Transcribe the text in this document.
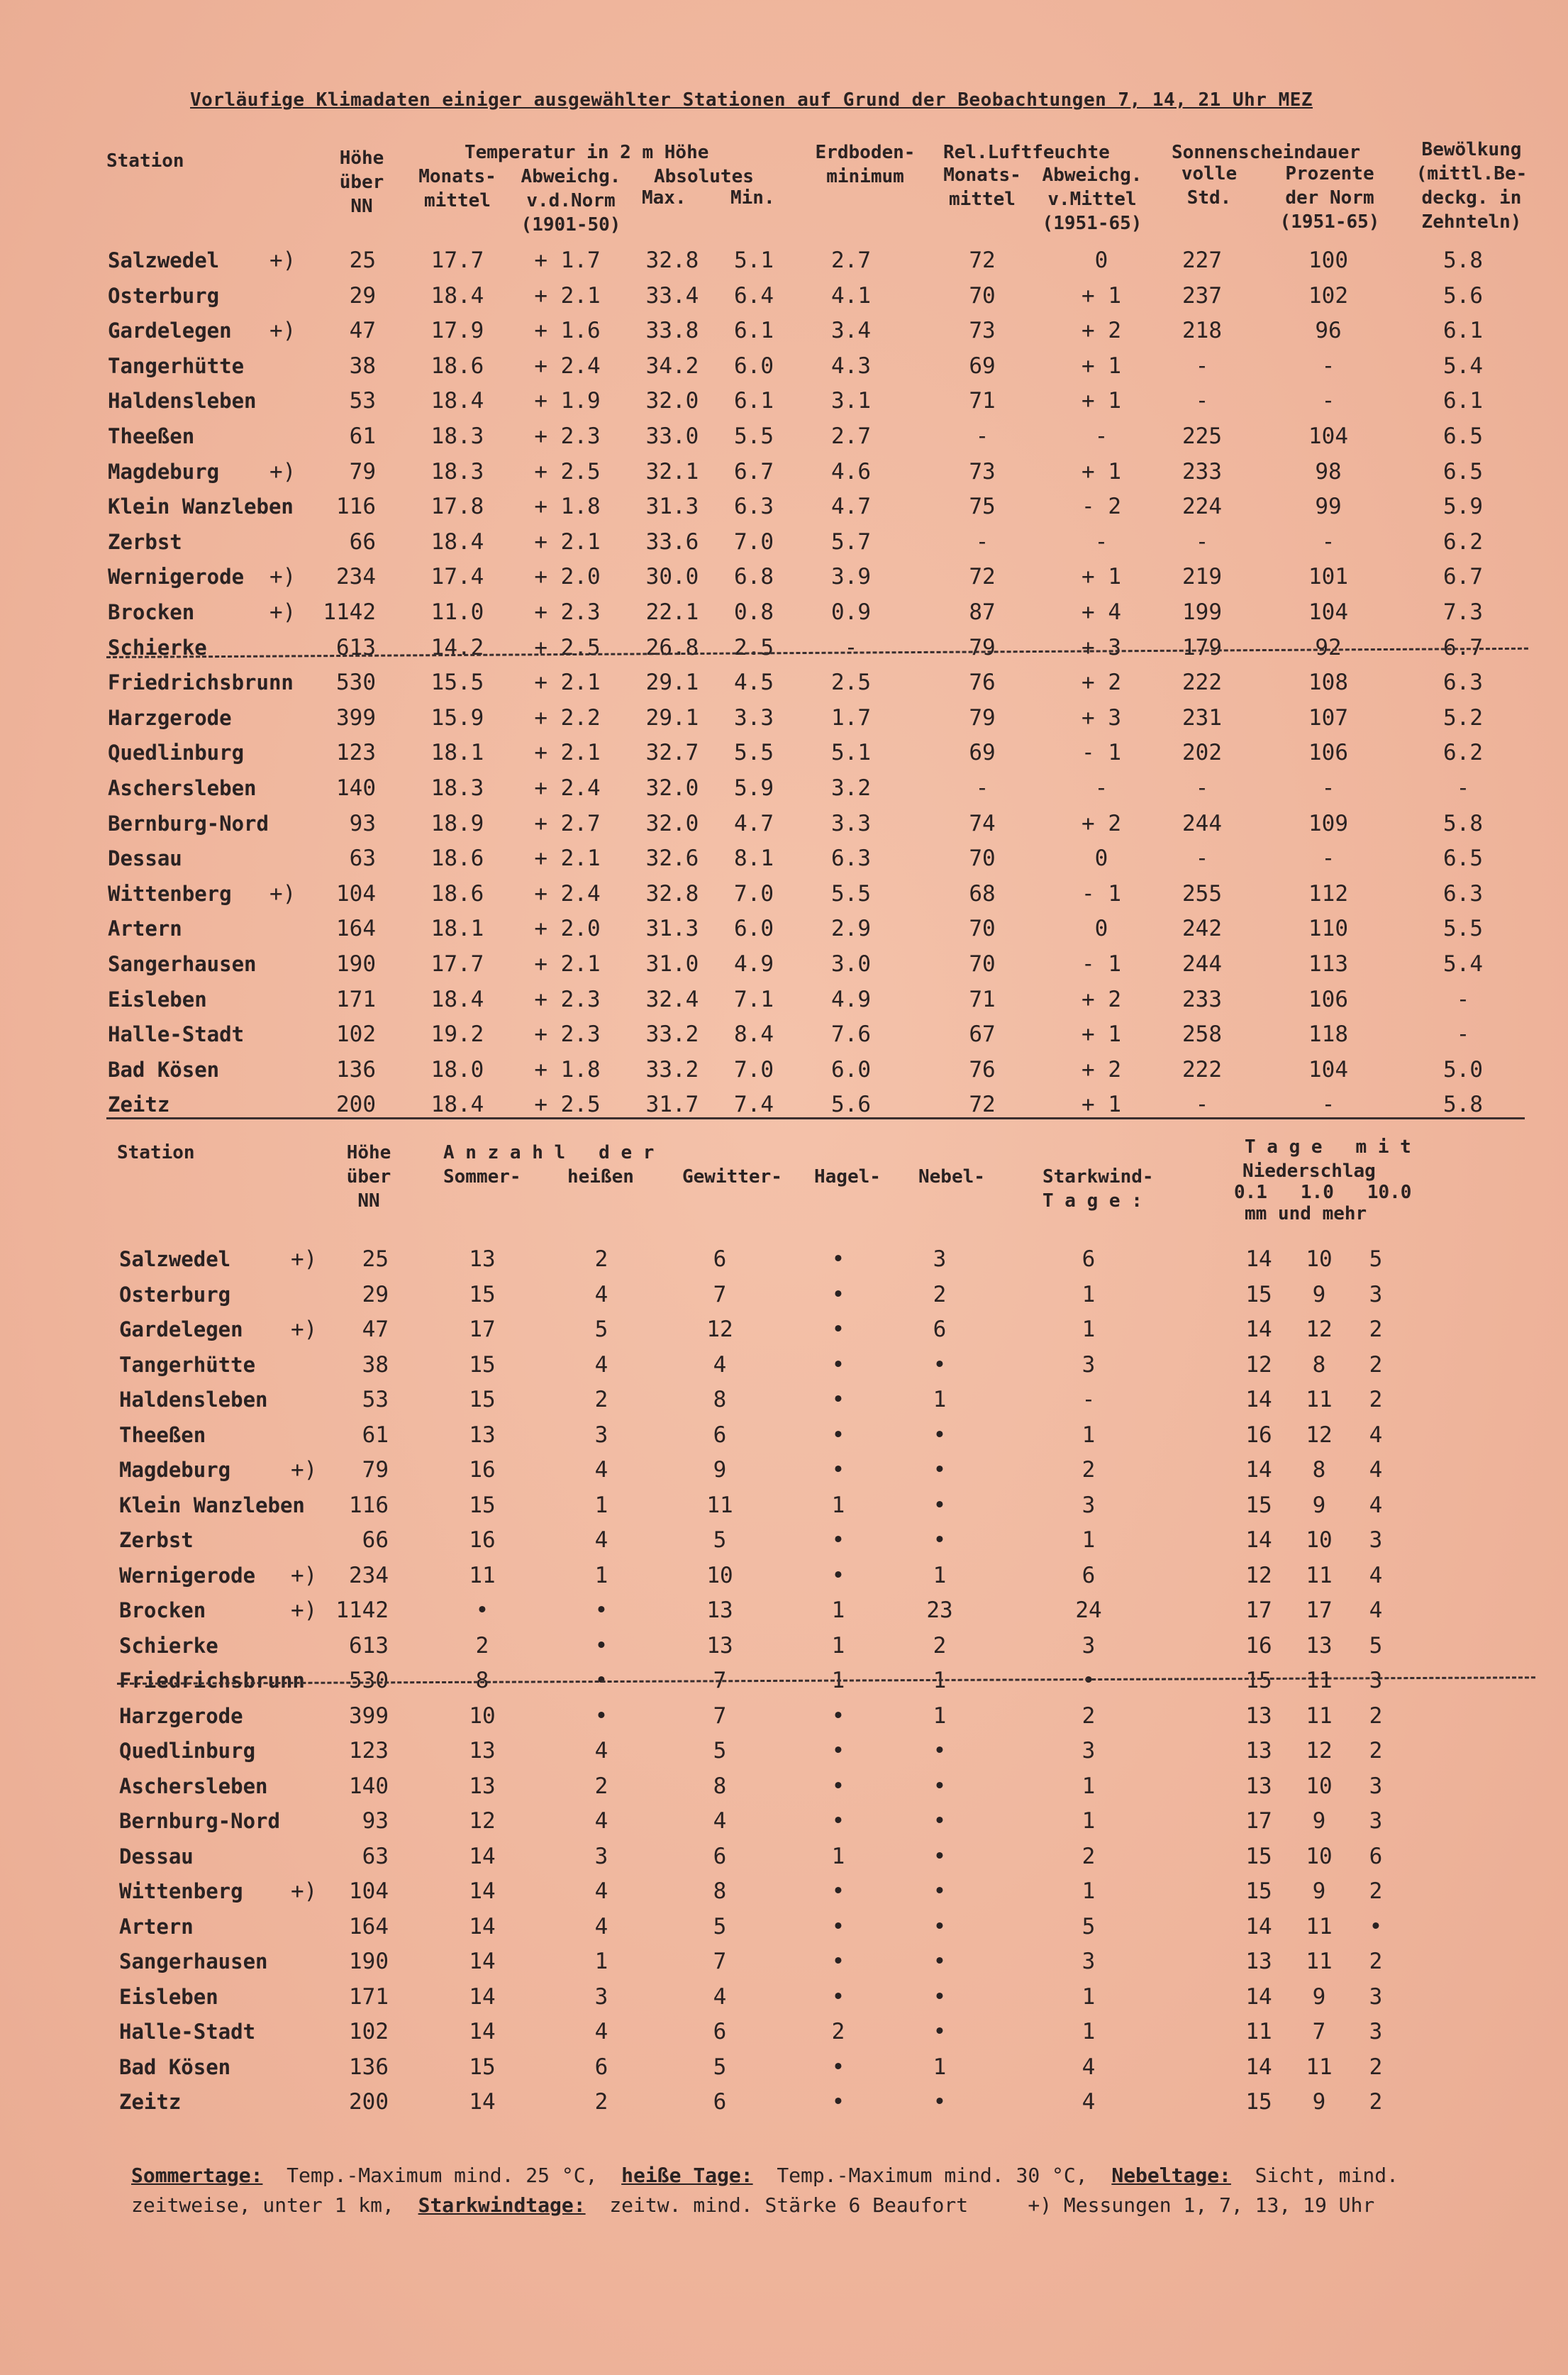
Vorläufige Klimadaten einiger ausgewählter Stationen auf Grund der Beobachtungen 7, 14, 21 Uhr MEZ
Station	Höhe
über
NN
Temperatur in 2 m Höhe
Monats-
mittel
Abweichg.
v.d.Norm
(1901-50)
Absolutes
Max. Min.
Erdboden-
minimum
Rel.Luftfeuchte
Monats-
mittel
Abweichg.
v.Mittel
(1951-65)
Sonnenscheindauer
volle
Std.
Prozente
der Norm
(1951-65)
Bewölkung
(mittl.Be-
deckg. in
Zehnteln)
Salzwedel +)	25	17.7	+ 1.7	32.8	5.1	2.7	72	0	227	100	5.8
Osterburg	29	18.4	+ 2.1	33.4	6.4	4.1	70	+ 1	237	102	5.6
Gardelegen +)	47	17.9	+ 1.6	33.8	6.1	3.4	73	+ 2	218	96	6.1
Tangerhütte	38	18.6	+ 2.4	34.2	6.0	4.3	69	+ 1	-	-	5.4
Haldensleben	53	18.4	+ 1.9	32.0	6.1	3.1	71	+ 1	-	-	6.1
Theeßen	61	18.3	+ 2.3	33.0	5.5	2.7	-	-	225	104	6.5
Magdeburg +)	79	18.3	+ 2.5	32.1	6.7	4.6	73	+ 1	233	98	6.5
Klein Wanzleben	116	17.8	+ 1.8	31.3	6.3	4.7	75	- 2	224	99	5.9
Zerbst	66	18.4	+ 2.1	33.6	7.0	5.7	-	-	-	-	6.2
Wernigerode +)	234	17.4	+ 2.0	30.0	6.8	3.9	72	+ 1	219	101	6.7
Brocken	+)	1142	11.0	+ 2.3	22.1	0.8	0.9	87	+ 4	199	104	7.3
Schierke	613	14.2	+ 2.5	26.8	2.5	-	79	+ 3	179	92	6.7
Friedrichsbrunn	530	15.5	+ 2.1	29.1	4.5	2.5	76	+ 2	222	108	6.3
Harzgerode	399	15.9	+ 2.2	29.1	3.3	1.7	79	+ 3	231	107	5.2
Quedlinburg	123	18.1	+ 2.1	32.7	5.5	5.1	69	- 1	202	106	6.2
Aschersleben	140	18.3	+ 2.4	32.0	5.9	3.2	-	-	-	-	-
Bernburg-Nord	93	18.9	+ 2.7	32.0	4.7	3.3	74	+ 2	244	109	5.8
Dessau	63	18.6	+ 2.1	32.6	8.1	6.3	70	0	-	-	6.5
Wittenberg +)	104	18.6	+ 2.4	32.8	7.0	5.5	68	- 1	255	112	6.3
Artern	164	18.1	+ 2.0	31.3	6.0	2.9	70	0	242	110	5.5
Sangerhausen	190	17.7	+ 2.1	31.0	4.9	3.0	70	- 1	244	113	5.4
Eisleben	171	18.4	+ 2.3	32.4	7.1	4.9	71	+ 2	233	106	-
Halle-Stadt	102	19.2	+ 2.3	33.2	8.4	7.6	67	+ 1	258	118	-
Bad Kösen	136	18.0	+ 1.8	33.2	7.0	6.0	76	+ 2	222	104	5.0
Zeitz	200	18.4	+ 2.5	31.7	7.4	5.6	72	+ 1	-	-	5.8
Station	Höhe
über
NN
A n z a h l   d e r
Sommer-	heißen	Gewitter- Hagel- Nebel-	Starkwind-
T a g e :
T a g e   m i t
Niederschlag
0.1   1.0   10.0
mm und mehr
Salzwedel	+)	25	13	2	6	•	3	6	14	10	5
Osterburg	29	15	4	7	•	2	1	15	9	3
Gardelegen +)	47	17	5	12	•	6	1	14	12	2
Tangerhütte	38	15	4	4	•	•	3	12	8	2
Haldensleben	53	15	2	8	•	1	-	14	11	2
Theeßen	61	13	3	6	•	•	1	16	12	4
Magdeburg	+)	79	16	4	9	•	•	2	14	8	4
Klein Wanzleben	116	15	1	11	1	•	3	15	9	4
Zerbst	66	16	4	5	•	•	1	14	10	3
Wernigerode +)	234	11	1	10	•	1	6	12	11	4
Brocken	+) 1142	•	•	13	1	23	24	17	17	4
Schierke	613	2	•	13	1	2	3	16	13	5
Friedrichsbrunn	530	8	•	7	1	1	•	15	11	3
Harzgerode	399	10	•	7	•	1	2	13	11	2
Quedlinburg	123	13	4	5	•	•	3	13	12	2
Aschersleben	140	13	2	8	•	•	1	13	10	3
Bernburg-Nord	93	12	4	4	•	•	1	17	9	3
Dessau	63	14	3	6	1	•	2	15	10	6
Wittenberg +)	104	14	4	8	•	•	1	15	9	2
Artern	164	14	4	5	•	•	5	14	11	•
Sangerhausen	190	14	1	7	•	•	3	13	11	2
Eisleben	171	14	3	4	•	•	1	14	9	3
Halle-Stadt	102	14	4	6	2	•	1	11	7	3
Bad Kösen	136	15	6	5	•	1	4	14	11	2
Zeitz	200	14	2	6	•	•	4	15	9	2
Sommertage: Temp.-Maximum mind. 25 °C, heiße Tage: Temp.-Maximum mind. 30 °C, Nebeltage: Sicht, mind.
zeitweise, unter 1 km, Starkwindtage: zeitw. mind. Stärke 6 Beaufort	+) Messungen 1, 7, 13, 19 Uhr
